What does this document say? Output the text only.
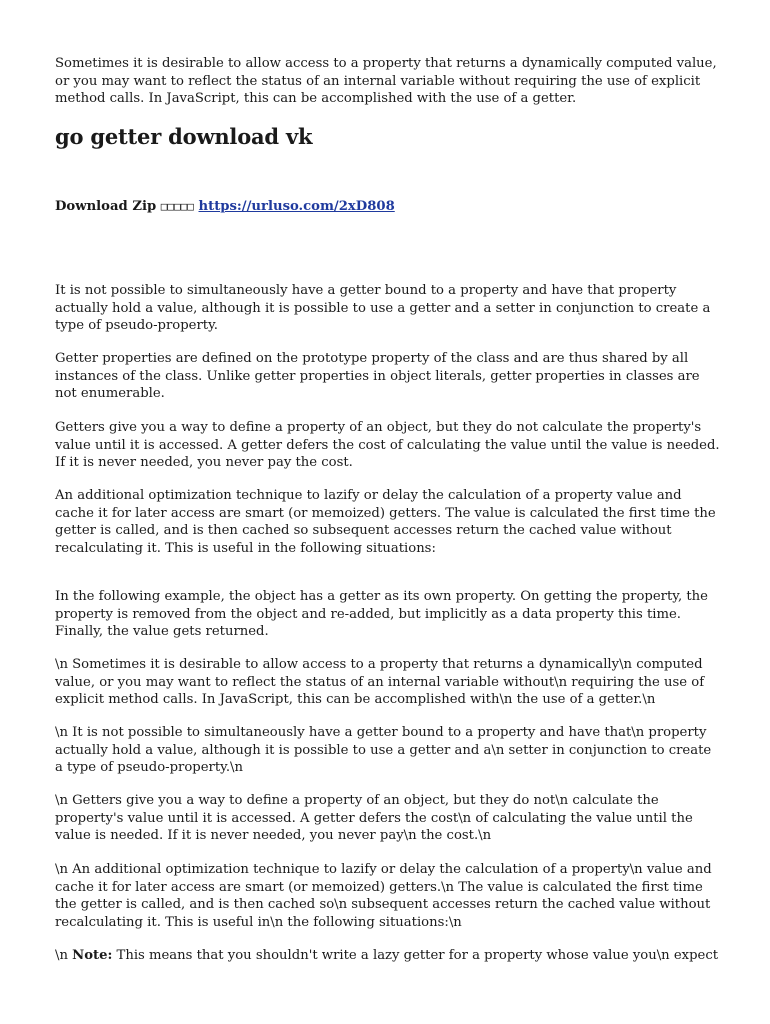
Sometimes it is desirable to allow access to a property that returns a dynamically computed value, or you may want to reflect the status of an internal variable without requiring the use of explicit method calls. In JavaScript, this can be accomplished with the use of a getter.

go getter download vk
Download Zip □□□□□ https://urluso.com/2xD808

It is not possible to simultaneously have a getter bound to a property and have that property actually hold a value, although it is possible to use a getter and a setter in conjunction to create a type of pseudo-property.

Getter properties are defined on the prototype property of the class and are thus shared by all instances of the class. Unlike getter properties in object literals, getter properties in classes are not enumerable.

Getters give you a way to define a property of an object, but they do not calculate the property's value until it is accessed. A getter defers the cost of calculating the value until the value is needed. If it is never needed, you never pay the cost.

An additional optimization technique to lazify or delay the calculation of a property value and cache it for later access are smart (or memoized) getters. The value is calculated the first time the getter is called, and is then cached so subsequent accesses return the cached value without recalculating it. This is useful in the following situations:

In the following example, the object has a getter as its own property. On getting the property, the property is removed from the object and re-added, but implicitly as a data property this time. Finally, the value gets returned.

\n Sometimes it is desirable to allow access to a property that returns a dynamically\n computed value, or you may want to reflect the status of an internal variable without\n requiring the use of explicit method calls. In JavaScript, this can be accomplished with\n the use of a getter.\n

\n It is not possible to simultaneously have a getter bound to a property and have that\n property actually hold a value, although it is possible to use a getter and a\n setter in conjunction to create a type of pseudo-property.\n

\n Getters give you a way to define a property of an object, but they do not\n calculate the property's value until it is accessed. A getter defers the cost\n of calculating the value until the value is needed. If it is never needed, you never pay\n the cost.\n

\n An additional optimization technique to lazify or delay the calculation of a property\n value and cache it for later access are smart (or memoized) getters.\n The value is calculated the first time the getter is called, and is then cached so\n subsequent accesses return the cached value without recalculating it. This is useful in\n the following situations:\n

\n Note: This means that you shouldn't write a lazy getter for a property whose value you\n expect
